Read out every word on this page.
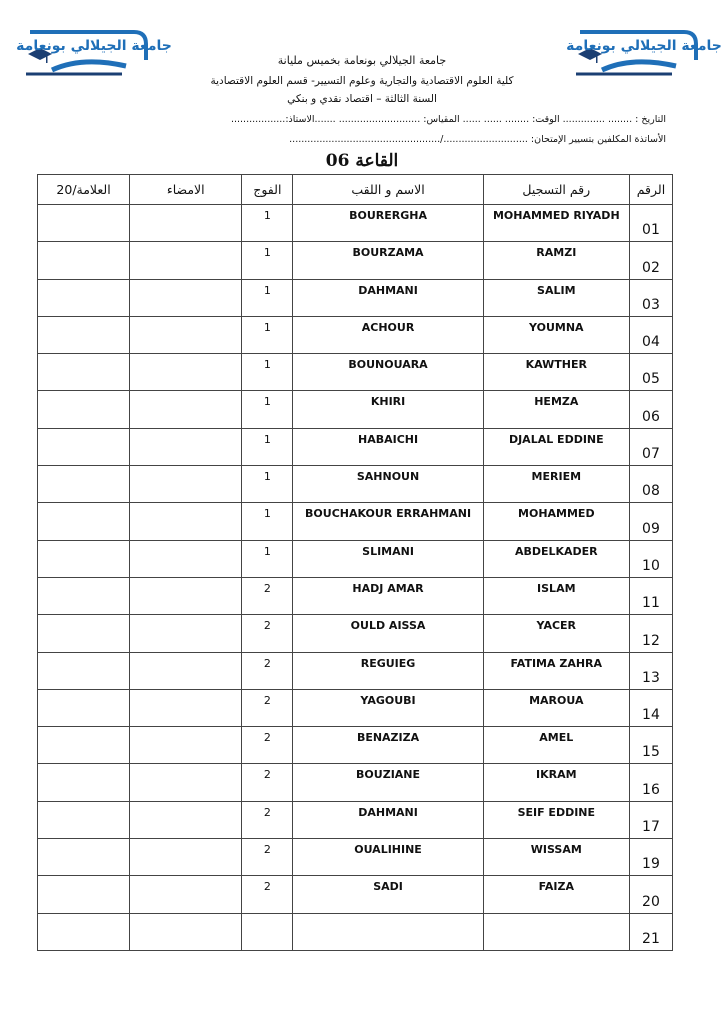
جامعة الجيلالي بونعامة	جامعة الجيلالي بونعامة
جامعة الجيلالي بونعامة بخميس مليانة
كلية العلوم الاقتصادية والتجارية وعلوم التسيير- قسم العلوم الاقتصادية
السنة الثالثة – اقتصاد نقدي و بنكي
التاريخ : ........ .............. الوقت: ........ ...... ...... المقياس: ........................... .......الاستاذ:..................
الأساتذة المكلفين بتسيير الإمتحان: ............................/..................................................
القاعة 06
العلامة/20	الامضاء	الفوج	الاسم و اللقب	رقم التسجيل	الرقم
		1	BOURERGHA	MOHAMMED RIYADH	01
		1	BOURZAMA	RAMZI	02
		1	DAHMANI	SALIM	03
		1	ACHOUR	YOUMNA	04
		1	BOUNOUARA	KAWTHER	05
		1	KHIRI	HEMZA	06
		1	HABAICHI	DJALAL EDDINE	07
		1	SAHNOUN	MERIEM	08
		1	BOUCHAKOUR ERRAHMANI	MOHAMMED	09
		1	SLIMANI	ABDELKADER	10
		2	HADJ AMAR	ISLAM	11
		2	OULD AISSA	YACER	12
		2	REGUIEG	FATIMA ZAHRA	13
		2	YAGOUBI	MAROUA	14
		2	BENAZIZA	AMEL	15
		2	BOUZIANE	IKRAM	16
		2	DAHMANI	SEIF EDDINE	17
		2	OUALIHINE	WISSAM	19
		2	SADI	FAIZA	20
					21
